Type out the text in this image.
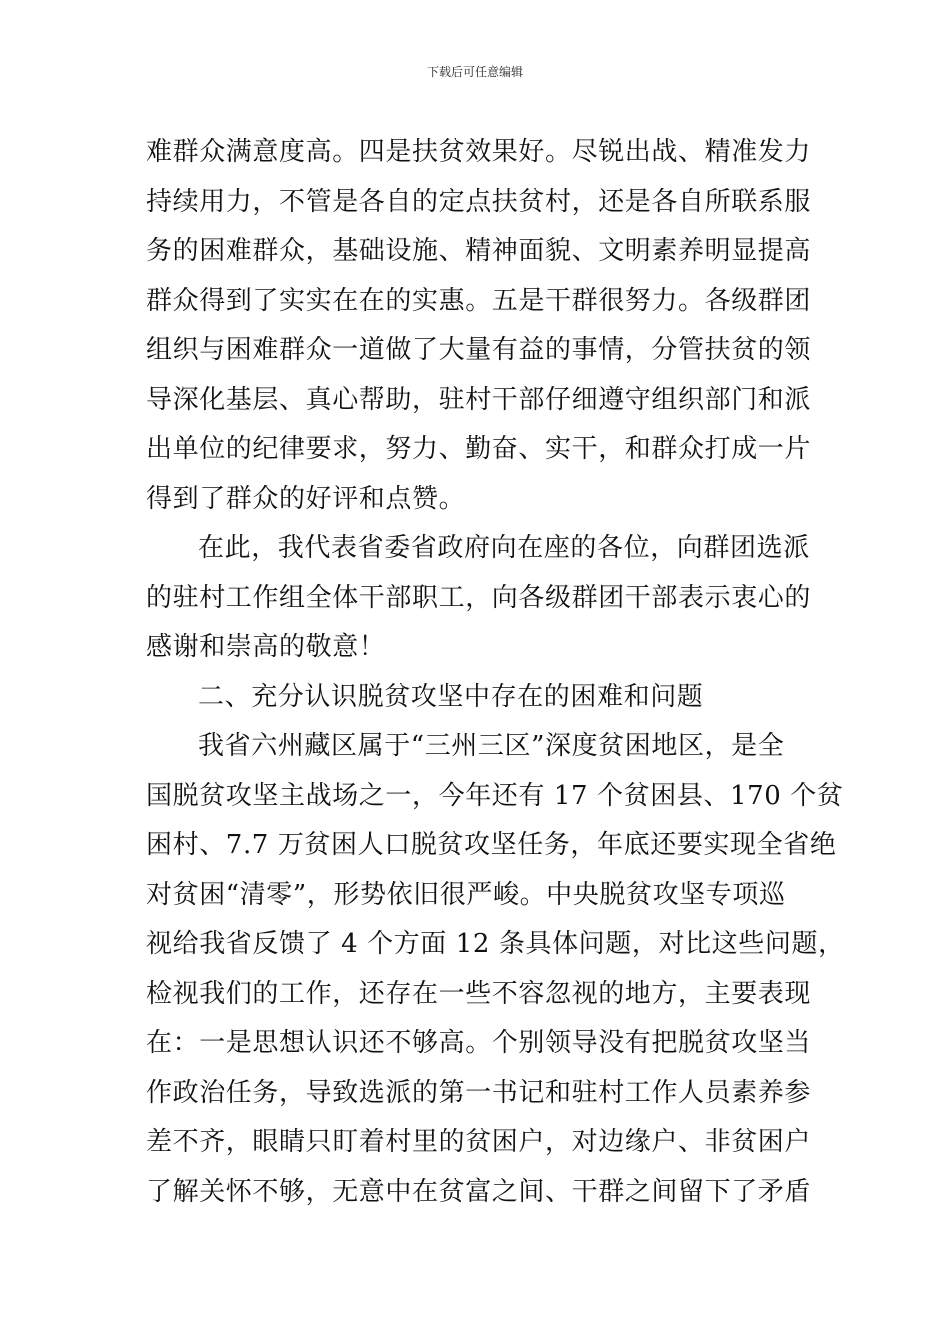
下载后可任意编辑
难群众满意度高。四是扶贫效果好。尽锐出战、精准发力
持续用力，不管是各自的定点扶贫村，还是各自所联系服
务的困难群众，基础设施、精神面貌、文明素养明显提高
群众得到了实实在在的实惠。五是干群很努力。各级群团
组织与困难群众一道做了大量有益的事情，分管扶贫的领
导深化基层、真心帮助，驻村干部仔细遵守组织部门和派
出单位的纪律要求，努力、勤奋、实干，和群众打成一片
得到了群众的好评和点赞。
在此，我代表省委省政府向在座的各位，向群团选派
的驻村工作组全体干部职工，向各级群团干部表示衷心的
感谢和崇高的敬意！
二、充分认识脱贫攻坚中存在的困难和问题
我省六州藏区属于“三州三区”深度贫困地区，是全
国脱贫攻坚主战场之一，今年还有 17 个贫困县、170 个贫
困村、7.7 万贫困人口脱贫攻坚任务，年底还要实现全省绝
对贫困“清零”，形势依旧很严峻。中央脱贫攻坚专项巡
视给我省反馈了 4 个方面 12 条具体问题，对比这些问题，
检视我们的工作，还存在一些不容忽视的地方，主要表现
在：一是思想认识还不够高。个别领导没有把脱贫攻坚当
作政治任务，导致选派的第一书记和驻村工作人员素养参
差不齐，眼睛只盯着村里的贫困户，对边缘户、非贫困户
了解关怀不够，无意中在贫富之间、干群之间留下了矛盾
